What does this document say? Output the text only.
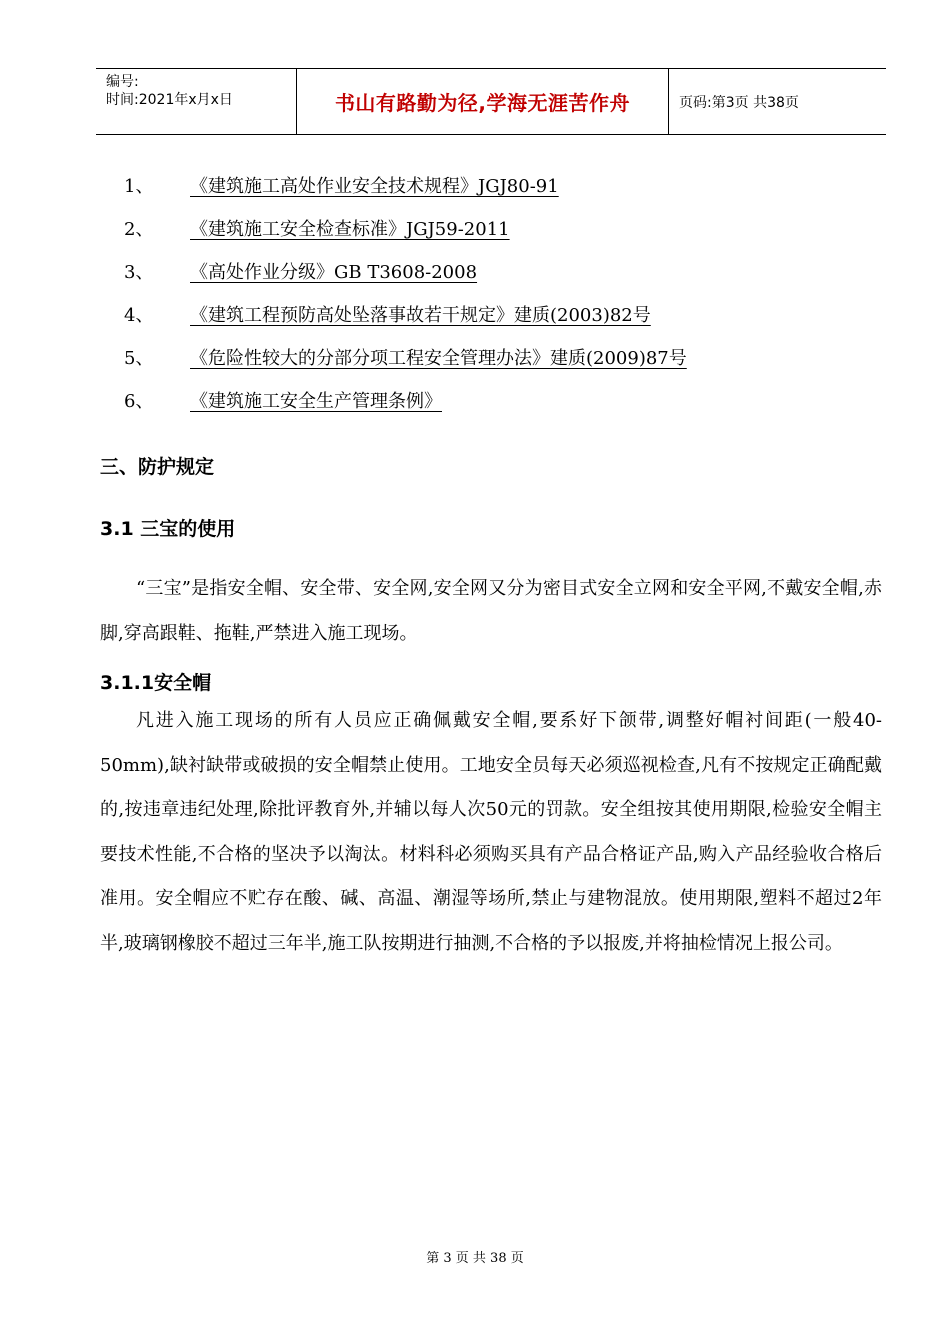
编号:
时间:2021年x月x日	书山有路勤为径,学海无涯苦作舟	页码:第3页 共38页
1、	《建筑施工高处作业安全技术规程》JGJ80-91
2、	《建筑施工安全检查标准》JGJ59-2011
3、	《高处作业分级》GB T3608-2008
4、	《建筑工程预防高处坠落事故若干规定》建质(2003)82号
5、	《危险性较大的分部分项工程安全管理办法》建质(2009)87号
6、	《建筑施工安全生产管理条例》
三、防护规定
3.1 三宝的使用

“三宝”是指安全帽、安全带、安全网,安全网又分为密目式安全立网和安全平网,不戴安全帽,赤脚,穿高跟鞋、拖鞋,严禁进入施工现场。

3.1.1安全帽

凡进入施工现场的所有人员应正确佩戴安全帽,要系好下颌带,调整好帽衬间距(一般40-50mm),缺衬缺带或破损的安全帽禁止使用。工地安全员每天必须巡视检查,凡有不按规定正确配戴的,按违章违纪处理,除批评教育外,并辅以每人次50元的罚款。安全组按其使用期限,检验安全帽主要技术性能,不合格的坚决予以淘汰。材料科必须购买具有产品合格证产品,购入产品经验收合格后准用。安全帽应不贮存在酸、碱、高温、潮湿等场所,禁止与建物混放。使用期限,塑料不超过2年半,玻璃钢橡胶不超过三年半,施工队按期进行抽测,不合格的予以报废,并将抽检情况上报公司。

第 3 页 共 38 页
